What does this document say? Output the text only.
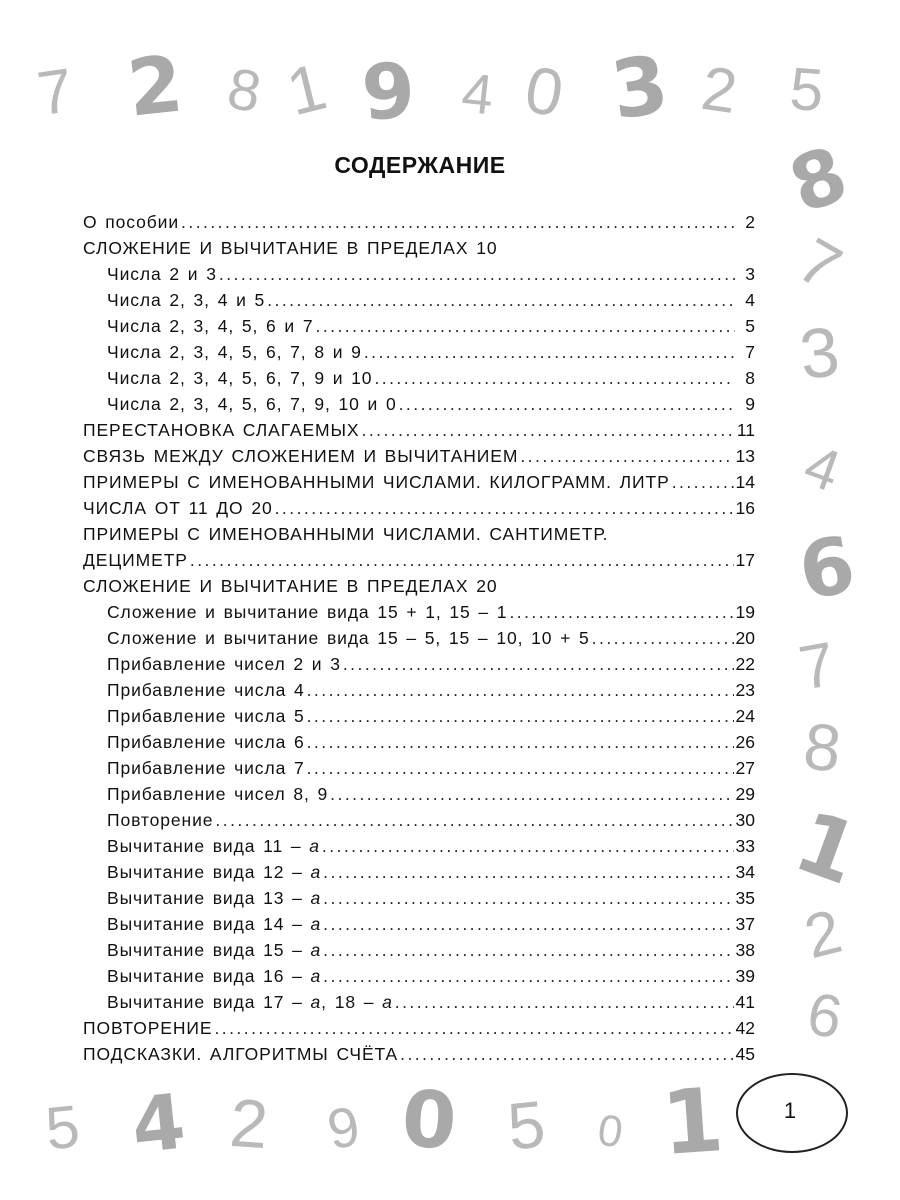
7 2 8 1 9 4 0 3 2 5
8
7
3
4
6
7
8
1
2
6
5 4 2 9 0 5 0 1
СОДЕРЖАНИЕ
О пособии . . .	2
СЛОЖЕНИЕ И ВЫЧИТАНИЕ В ПРЕДЕЛАХ 10
Числа 2 и 3 . . .	3
Числа 2, 3, 4 и 5 . . .	4
Числа 2, 3, 4, 5, 6 и 7 . . .	5
Числа 2, 3, 4, 5, 6, 7, 8 и 9 . . .	7
Числа 2, 3, 4, 5, 6, 7, 9 и 10 . . .	8
Числа 2, 3, 4, 5, 6, 7, 9, 10 и 0 . . .	9
ПЕРЕСТАНОВКА СЛАГАЕМЫХ . . .	11
СВЯЗЬ МЕЖДУ СЛОЖЕНИЕМ И ВЫЧИТАНИЕМ . . .	13
ПРИМЕРЫ С ИМЕНОВАННЫМИ ЧИСЛАМИ. КИЛОГРАММ. ЛИТР . . .	14
ЧИСЛА ОТ 11 ДО 20 . . .	16
ПРИМЕРЫ С ИМЕНОВАННЫМИ ЧИСЛАМИ. САНТИМЕТР.
ДЕЦИМЕТР . . .	17
СЛОЖЕНИЕ И ВЫЧИТАНИЕ В ПРЕДЕЛАХ 20
Сложение и вычитание вида 15 + 1, 15 – 1 . . .	19
Сложение и вычитание вида 15 – 5, 15 – 10, 10 + 5 . . .	20
Прибавление чисел 2 и 3 . . .	22
Прибавление числа 4 . . .	23
Прибавление числа 5 . . .	24
Прибавление числа 6 . . .	26
Прибавление числа 7 . . .	27
Прибавление чисел 8, 9 . . .	29
Повторение . . .	30
Вычитание вида 11 – a . . .	33
Вычитание вида 12 – a . . .	34
Вычитание вида 13 – a . . .	35
Вычитание вида 14 – a . . .	37
Вычитание вида 15 – a . . .	38
Вычитание вида 16 – a . . .	39
Вычитание вида 17 – a, 18 – a . . .	41
ПОВТОРЕНИЕ . . .	42
ПОДСКАЗКИ. АЛГОРИТМЫ СЧЁТА . . .	45
1
